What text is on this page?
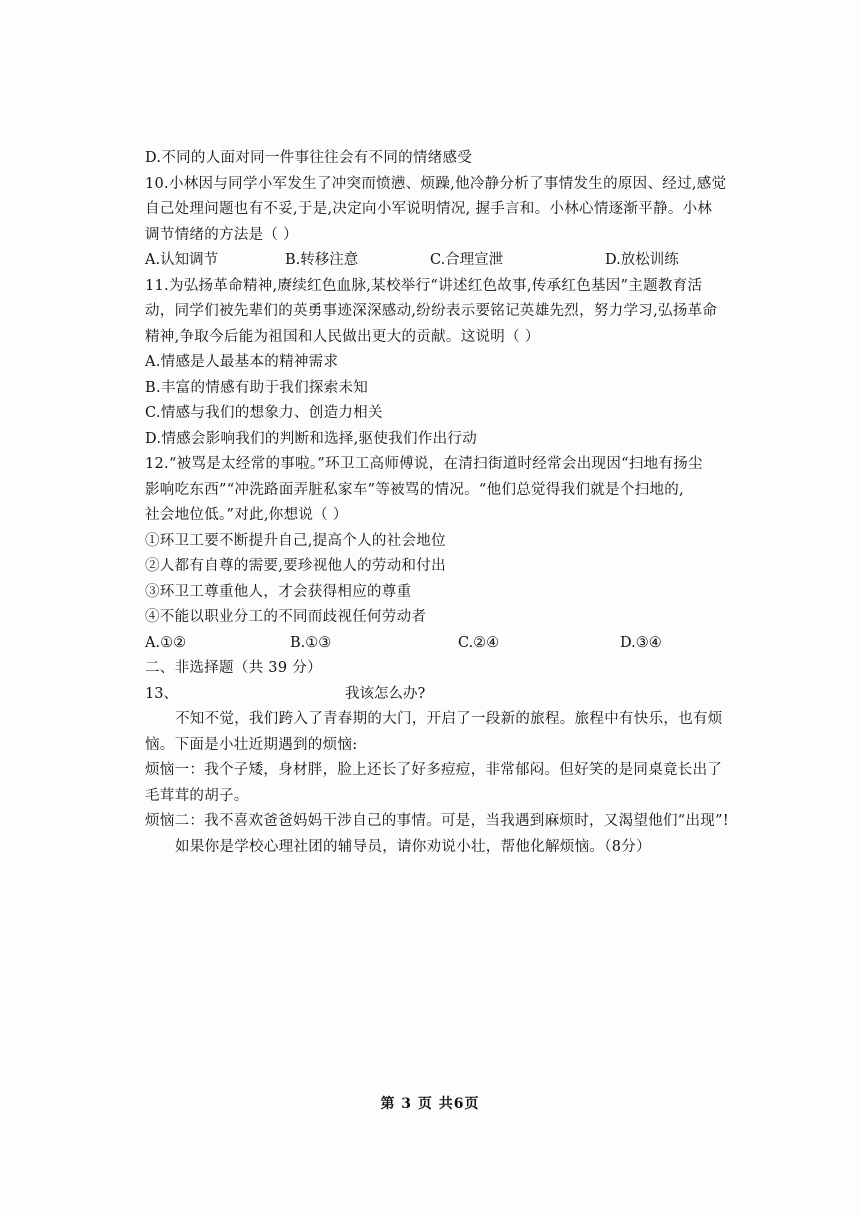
D.不同的人面对同一件事往往会有不同的情绪感受
10.小林因与同学小军发生了冲突而愤懑、烦躁,他冷静分析了事情发生的原因、经过,感觉
自己处理问题也有不妥,于是,决定向小军说明情况, 握手言和。小林心情逐渐平静。小林
调节情绪的方法是（ ）
A.认知调节	B.转移注意	C.合理宣泄	D.放松训练
11.为弘扬革命精神,赓续红色血脉,某校举行“讲述红色故事,传承红色基因”主题教育活
动，同学们被先辈们的英勇事迹深深感动,纷纷表示要铭记英雄先烈，努力学习,弘扬革命
精神,争取今后能为祖国和人民做出更大的贡献。这说明（ ）
A.情感是人最基本的精神需求
B.丰富的情感有助于我们探索未知
C.情感与我们的想象力、创造力相关
D.情感会影响我们的判断和选择,驱使我们作出行动
12.“被骂是太经常的事啦。”环卫工高师傅说，在清扫街道时经常会出现因“扫地有扬尘
影响吃东西”“冲洗路面弄脏私家车”等被骂的情况。“他们总觉得我们就是个扫地的,
社会地位低。”对此,你想说（ ）
①环卫工要不断提升自己,提高个人的社会地位
②人都有自尊的需要,要珍视他人的劳动和付出
③环卫工尊重他人，才会获得相应的尊重
④不能以职业分工的不同而歧视任何劳动者
A.①②	B.①③	C.②④	D.③④
二、非选择题（共 39 分）
13、	我该怎么办?
不知不觉，我们跨入了青春期的大门，开启了一段新的旅程。旅程中有快乐，也有烦
恼。下面是小壮近期遇到的烦恼:
烦恼一：我个子矮，身材胖，脸上还长了好多痘痘，非常郁闷。但好笑的是同桌竟长出了
毛茸茸的胡子。
烦恼二：我不喜欢爸爸妈妈干涉自己的事情。可是，当我遇到麻烦时，又渴望他们“出现”!
如果你是学校心理社团的辅导员，请你劝说小壮，帮他化解烦恼。（8分）
第 3 页 共6页
